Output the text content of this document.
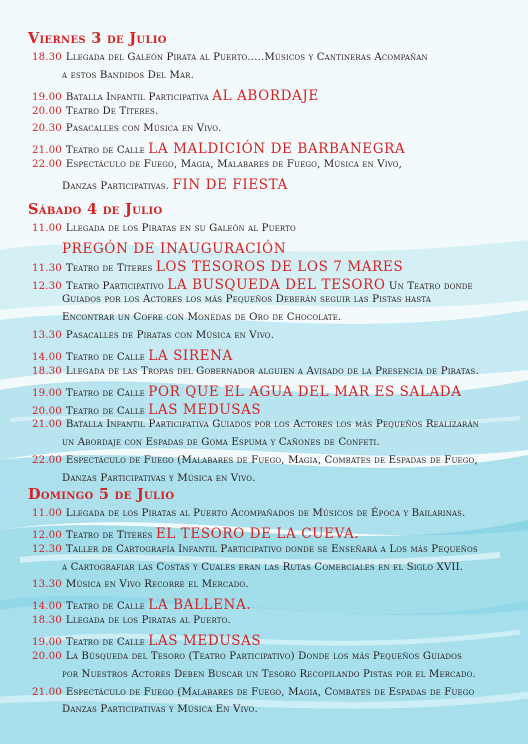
Viernes 3 de Julio
18.30 Llegada del Galeón Pirata al Puerto.....Músicos y Cantineras Acompañan
a estos Bandidos Del Mar.
19.00 Batalla Infantil Participativa AL ABORDAJE
20.00 Teatro De Títeres.
20.30 Pasacalles con Música en Vivo.
21.00 Teatro de Calle LA MALDICIÓN DE BARBANEGRA
22.00 Espectáculo de Fuego, Magia, Malabares de Fuego, Música en Vivo,
Danzas Participativas. FIN DE FIESTA
Sábado 4 de Julio
11.00 Llegada de los Piratas en su Galeón al Puerto
PREGÓN DE INAUGURACIÓN
11.30 Teatro de Títeres LOS TESOROS DE LOS 7 MARES
12.30 Teatro Participativo LA BUSQUEDA DEL TESORO Un Teatro donde
Guiados por los Actores los más Pequeños Deberán seguir las Pistas hasta
Encontrar un Cofre con Monedas de Oro de Chocolate.
13.30 Pasacalles de Piratas con Música en Vivo.
14.00 Teatro de Calle LA SIRENA
18.30 Llegada de las Tropas del Gobernador alguien a Avisado de la Presencia de Piratas.
19.00 Teatro de Calle POR QUE EL AGUA DEL MAR ES SALADA
20.00 Teatro de Calle LAS MEDUSAS
21.00 Batalla Infantil Participativa Guiados por los Actores los más Pequeños Realizarán
un Abordaje con Espadas de Goma Espuma y Cañones de Confeti.
22.00 Espectáculo de Fuego (Malabares de Fuego, Magia, Combates de Espadas de Fuego,
Danzas Participativas y Música en Vivo.
Domingo 5 de Julio
11.00 Llegada de los Piratas al Puerto Acompañados de Músicos de Época y Bailarinas.
12.00 Teatro de Títeres EL TESORO DE LA CUEVA.
12.30 Taller de Cartografía Infantil Participativo donde se Enseñará a Los más Pequeños
a Cartografiar las Costas y Cuales eran las Rutas Comerciales en el Siglo XVII.
13.30 Música en Vivo Recorre el Mercado.
14.00 Teatro de Calle LA BALLENA.
18.30 Llegada de los Piratas al Puerto.
19.00 Teatro de Calle LAS MEDUSAS
20.00 La Búsqueda del Tesoro (Teatro Participativo) Donde los más Pequeños Guiados
por Nuestros Actores Deben Buscar un Tesoro Recopilando Pistas por el Mercado.
21.00 Espectáculo de Fuego (Malabares de Fuego, Magia, Combates de Espadas de Fuego
Danzas Participativas y Música En Vivo.
